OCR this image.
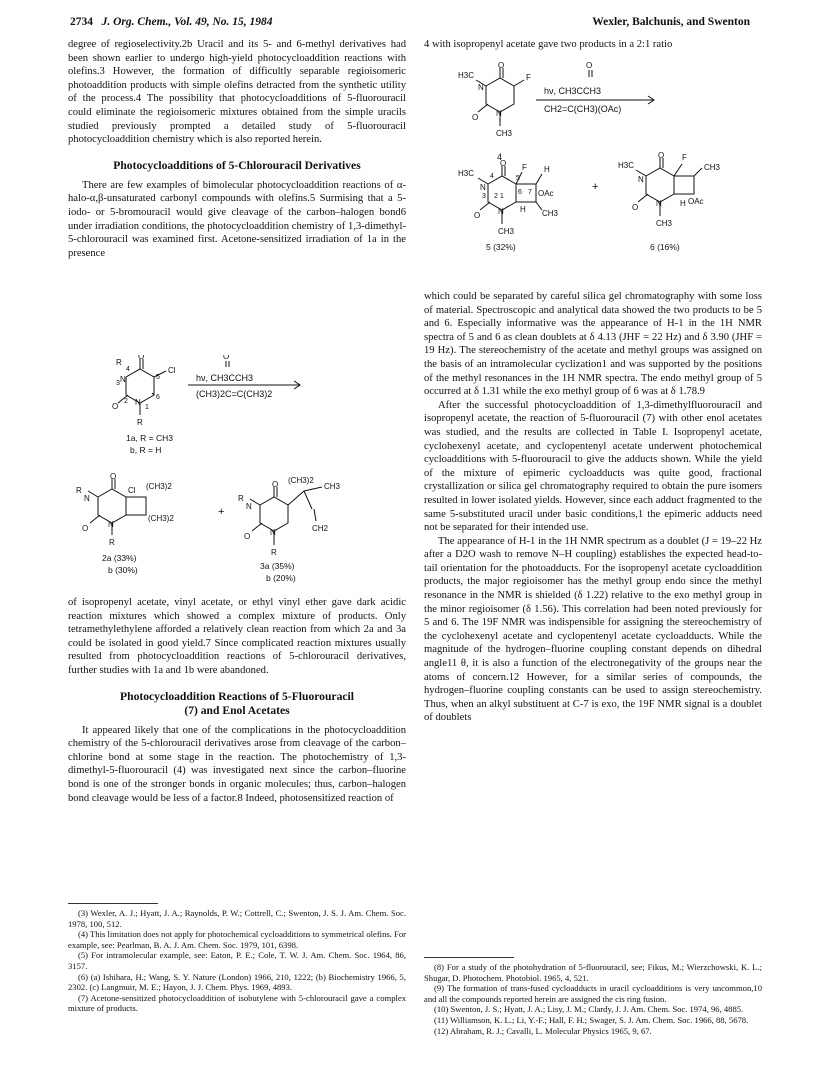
2734 J. Org. Chem., Vol. 49, No. 15, 1984	Wexler, Balchunis, and Swenton

degree of regioselectivity.2b Uracil and its 5- and 6-methyl derivatives had been shown earlier to undergo high-yield photocycloaddition reactions with olefins.3 However, the formation of difficultly separable regioisomeric photoaddition products with simple olefins detracted from the synthetic utility of the process.4 The possibility that photocycloadditions of 5-fluorouracil could eliminate the regioisomeric mixtures obtained from the simple uracils studied previously prompted a detailed study of 5-fluorouracil photocycloaddition chemistry which is also reported herein.

Photocycloadditions of 5-Chlorouracil Derivatives

There are few examples of bimolecular photocycloaddition reactions of α-halo-α,β-unsaturated carbonyl compounds with olefins.5 Surmising that a 5-iodo- or 5-bromouracil would give cleavage of the carbon–halogen bond6 under irradiation conditions, the photocycloaddition chemistry of 1,3-dimethyl-5-chlorouracil was examined first. Acetone-sensitized irradiation of 1a in the presence

R
4
O
5
Cl
3 N
6
O
2 N
1
R
hν, CH3CCH3
O
(CH3)2C=C(CH3)2
1a, R = CH3
b, R = H
R
N
O
Cl (CH3)2
(CH3)2
O N
R
2a (33%)
b (30%)
+
R
N
O (CH3)2
CH3
CH2
O N
R
3a (35%)
b (20%)

of isopropenyl acetate, vinyl acetate, or ethyl vinyl ether gave dark acidic reaction mixtures which showed a complex mixture of products. Only tetramethylethylene afforded a relatively clean reaction from which 2a and 3a could be isolated in good yield.7 Since complicated reaction mixtures usually resulted from photocycloaddition reactions of 5-chlorouracil derivatives, further studies with 1a and 1b were abandoned.

Photocycloaddition Reactions of 5-Fluorouracil
(7) and Enol Acetates

It appeared likely that one of the complications in the photocycloaddition chemistry of the 5-chlorouracil derivatives arose from cleavage of the carbon–chlorine bond at some stage in the reaction. The photochemistry of 1,3-dimethyl-5-fluorouracil (4) was investigated next since the carbon–fluorine bond is one of the stronger bonds in organic molecules; thus, carbon–halogen bond cleavage would be less of a factor.8 Indeed, photosensitized reaction of

(3) Wexler, A. J.; Hyatt, J. A.; Raynolds, P. W.; Cottrell, C.; Swenton, J. S. J. Am. Chem. Soc. 1978, 100, 512.

(4) This limitation does not apply for photochemical cycloadditions to symmetrical olefins. For example, see: Pearlman, B. A. J. Am. Chem. Soc. 1979, 101, 6398.

(5) For intramolecular example, see: Eaton, P. E.; Cole, T. W. J. Am. Chem. Soc. 1964, 86, 3157.

(6) (a) Ishihara, H.; Wang, S. Y. Nature (London) 1966, 210, 1222; (b) Biochemistry 1966, 5, 2302. (c) Langmuir, M. E.; Hayon, J. J. Chem. Phys. 1969, 4893.

(7) Acetone-sensitized photocycloaddition of isobutylene with 5-chlorouracil gave a complex mixture of products.

4 with isopropenyl acetate gave two products in a 2:1 ratio

H3C
O
F
N
O N
CH3
4
hν, CH3CCH3
O
CH2=C(CH3)(OAc)
H3C 4
O
5
F H
N
3 2 1
6 7 OAc
H CH3
O N
CH3
5 (32%)
+
H3C
O F
CH3
N
H OAc
O N
CH3
6 (16%)

which could be separated by careful silica gel chromatography with some loss of material. Spectroscopic and analytical data showed the two products to be 5 and 6. Especially informative was the appearance of H-1 in the 1H NMR spectra of 5 and 6 as clean doublets at δ 4.13 (JHF = 22 Hz) and δ 3.90 (JHF = 19 Hz). The stereochemistry of the acetate and methyl groups was assigned on the basis of an intramolecular cyclization1 and was supported by the positions of the methyl resonances in the 1H NMR spectra. The endo methyl group of 5 occurred at δ 1.31 while the exo methyl group of 6 was at δ 1.78.9

After the successful photocycloaddition of 1,3-dimethylfluorouracil and isopropenyl acetate, the reaction of 5-fluorouracil (7) with other enol acetates was studied, and the results are collected in Table I. Isopropenyl acetate, cyclohexenyl acetate, and cyclopentenyl acetate underwent photochemical cycloadditions with 5-fluorouracil to give the adducts shown. While the yield of the mixture of epimeric cycloadducts was quite good, fractional crystallization or silica gel chromatography required to obtain the pure isomers resulted in lower isolated yields. However, since each adduct fragmented to the same 5-substituted uracil under basic conditions,1 the epimeric adducts need not be separated for their intended use.

The appearance of H-1 in the 1H NMR spectrum as a doublet (J = 19–22 Hz after a D2O wash to remove N–H coupling) establishes the expected head-to-tail orientation for the photoadducts. For the isopropenyl acetate cycloaddition products, the major regioisomer has the methyl group endo since the methyl resonance in the NMR is shielded (δ 1.22) relative to the exo methyl group in the minor regioisomer (δ 1.56). This correlation had been noted previously for 5 and 6. The 19F NMR was indispensible for assigning the stereochemistry of the cyclohexenyl acetate and cyclopentenyl acetate cycloadducts. While the magnitude of the hydrogen–fluorine coupling constant depends on dihedral angle11 θ, it is also a function of the electronegativity of the groups near the atoms of concern.12 However, for a similar series of compounds, the hydrogen–fluorine coupling constants can be used to assign stereochemistry. Thus, when an alkyl substituent at C-7 is exo, the 19F NMR signal is a doublet of doublets

(8) For a study of the photohydration of 5-fluorouracil, see; Fikus, M.; Wierzchowski, K. L.; Shugar, D. Photochem. Photobiol. 1965, 4, 521.

(9) The formation of trans-fused cycloadducts in uracil cycloadditions is very uncommon,10 and all the compounds reported herein are assigned the cis ring fusion.

(10) Swenton, J. S.; Hyatt, J. A.; Lisy, J. M.; Clardy, J. J. Am. Chem. Soc. 1974, 96, 4885.

(11) Williamson, K. L.; Li, Y.-F.; Hall, F. H.; Swager, S. J. Am. Chem. Soc. 1966, 88, 5678.

(12) Abraham, R. J.; Cavalli, L. Molecular Physics 1965, 9, 67.
